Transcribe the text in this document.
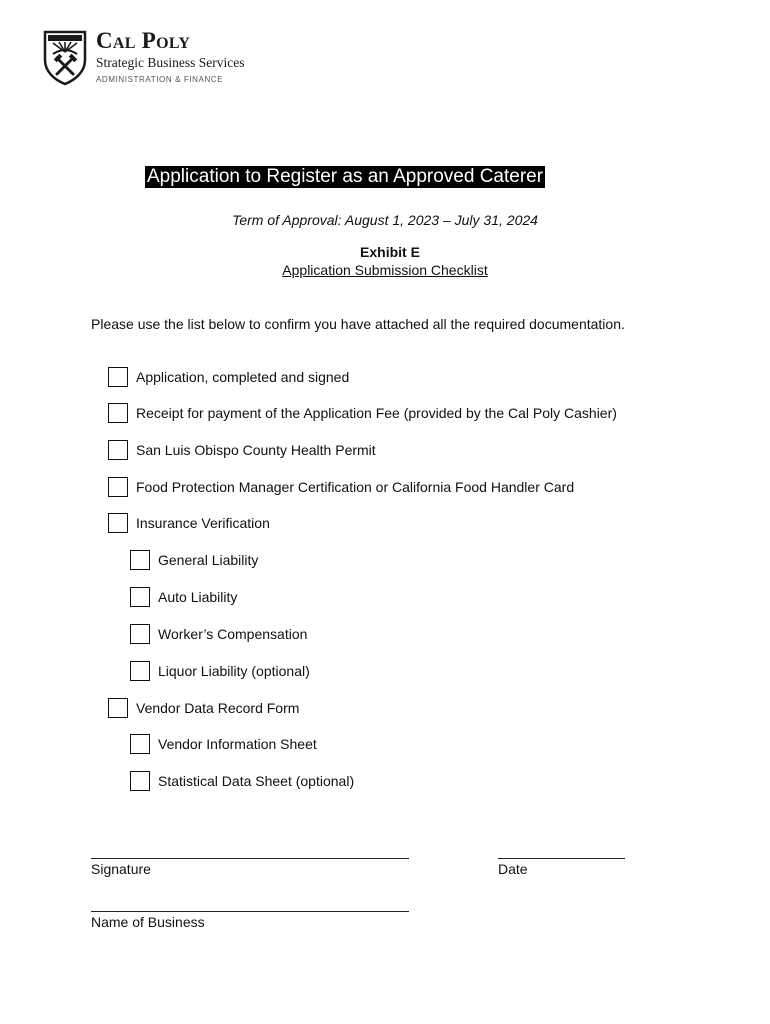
Cal Poly
Strategic Business Services
ADMINISTRATION & FINANCE
Application to Register as an Approved Caterer
Term of Approval: August 1, 2023 – July 31, 2024
Exhibit E
Application Submission Checklist
Please use the list below to confirm you have attached all the required documentation.
Application, completed and signed
Receipt for payment of the Application Fee (provided by the Cal Poly Cashier)
San Luis Obispo County Health Permit
Food Protection Manager Certification or California Food Handler Card
Insurance Verification
General Liability
Auto Liability
Worker’s Compensation
Liquor Liability (optional)
Vendor Data Record Form
Vendor Information Sheet
Statistical Data Sheet (optional)
Signature	Date
Name of Business
